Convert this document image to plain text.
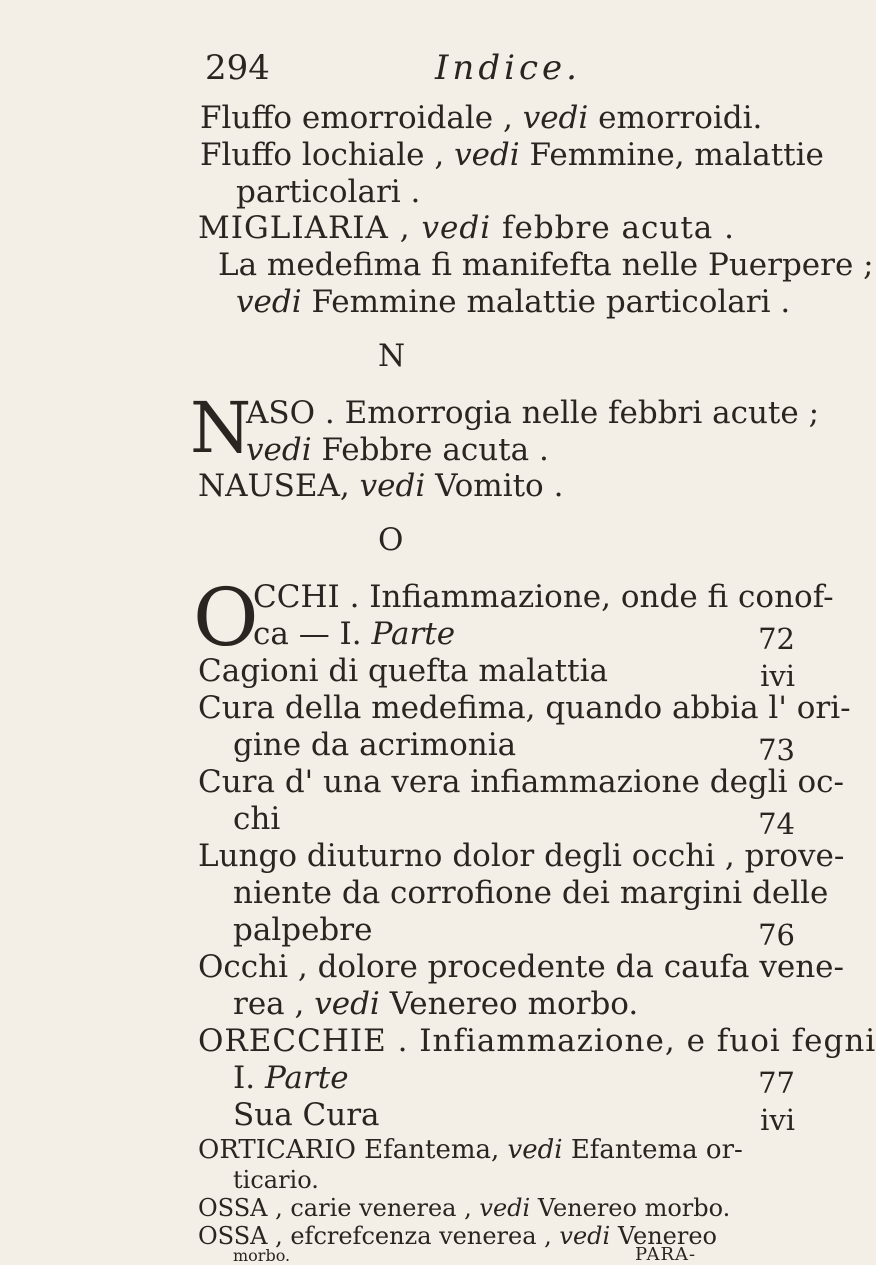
294	Indice.
Fluffo emorroidale , vedi emorroidi.
Fluffo lochiale , vedi Femmine, malattie
particolari .
MIGLIARIA , vedi febbre acuta .
La medefima fi manifefta nelle Puerpere ;
vedi Femmine malattie particolari .
N
N
ASO . Emorrogia nelle febbri acute ;
vedi Febbre acuta .
NAUSEA, vedi Vomito .
O
O
CCHI . Infiammazione, onde fi conof-
ca — I. Parte	72
Cagioni di quefta malattia	ivi
Cura della medefima, quando abbia l' ori-
gine da acrimonia	73
Cura d' una vera infiammazione degli oc-
chi	74
Lungo diuturno dolor degli occhi , prove-
niente da corrofione dei margini delle
palpebre	76
Occhi , dolore procedente da caufa vene-
rea , vedi Venereo morbo.
ORECCHIE . Infiammazione, e fuoi fegni
I. Parte	77
Sua Cura	ivi
ORTICARIO Efantema, vedi Efantema or-
ticario.
OSSA , carie venerea , vedi Venereo morbo.
OSSA , efcrefcenza venerea , vedi Venereo
morbo.	PARA-
